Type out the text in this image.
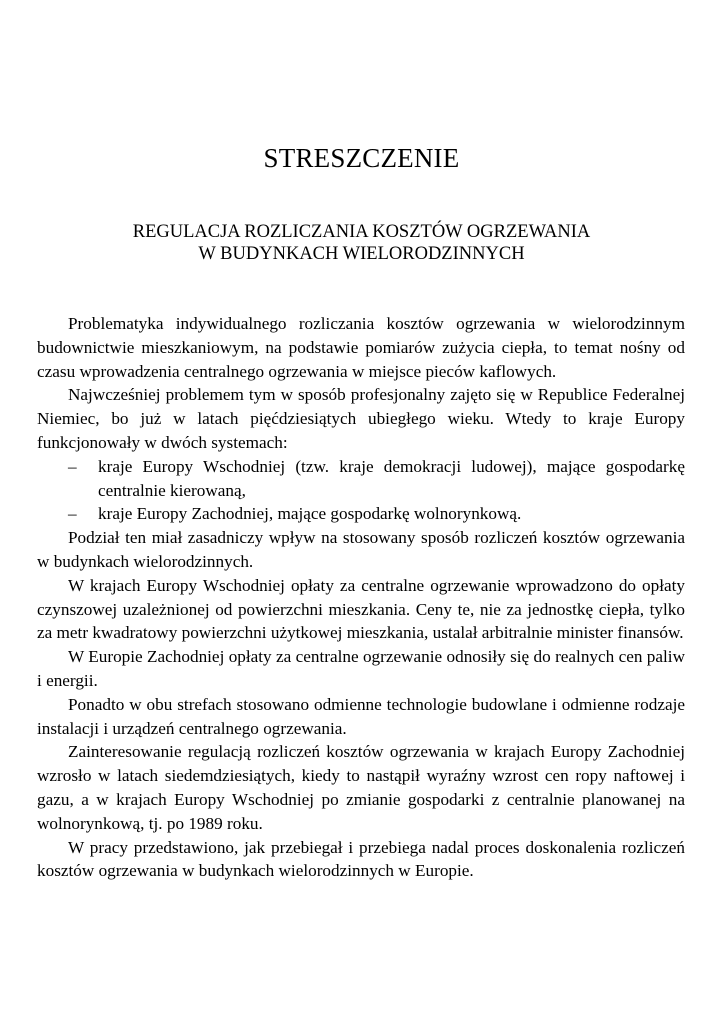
STRESZCZENIE
REGULACJA ROZLICZANIA KOSZTÓW OGRZEWANIA
W BUDYNKACH WIELORODZINNYCH

Problematyka indywidualnego rozliczania kosztów ogrzewania w wielorodzinnym budownictwie mieszkaniowym, na podstawie pomiarów zużycia ciepła, to temat nośny od czasu wprowadzenia centralnego ogrzewania w miejsce pieców kaflowych.

Najwcześniej problemem tym w sposób profesjonalny zajęto się w Republice Federalnej Niemiec, bo już w latach pięćdziesiątych ubiegłego wieku. Wtedy to kraje Europy funkcjonowały w dwóch systemach:

– kraje Europy Wschodniej (tzw. kraje demokracji ludowej), mające gospodarkę centralnie kierowaną,
– kraje Europy Zachodniej, mające gospodarkę wolnorynkową.

Podział ten miał zasadniczy wpływ na stosowany sposób rozliczeń kosztów ogrzewania w budynkach wielorodzinnych.

W krajach Europy Wschodniej opłaty za centralne ogrzewanie wprowadzono do opłaty czynszowej uzależnionej od powierzchni mieszkania. Ceny te, nie za jednostkę ciepła, tylko za metr kwadratowy powierzchni użytkowej mieszkania, ustalał arbitralnie minister finansów.

W Europie Zachodniej opłaty za centralne ogrzewanie odnosiły się do realnych cen paliw i energii.

Ponadto w obu strefach stosowano odmienne technologie budowlane i odmienne rodzaje instalacji i urządzeń centralnego ogrzewania.

Zainteresowanie regulacją rozliczeń kosztów ogrzewania w krajach Europy Zachodniej wzrosło w latach siedemdziesiątych, kiedy to nastąpił wyraźny wzrost cen ropy naftowej i gazu, a w krajach Europy Wschodniej po zmianie gospodarki z centralnie planowanej na wolnorynkową, tj. po 1989 roku.

W pracy przedstawiono, jak przebiegał i przebiega nadal proces doskonalenia rozliczeń kosztów ogrzewania w budynkach wielorodzinnych w Europie.
